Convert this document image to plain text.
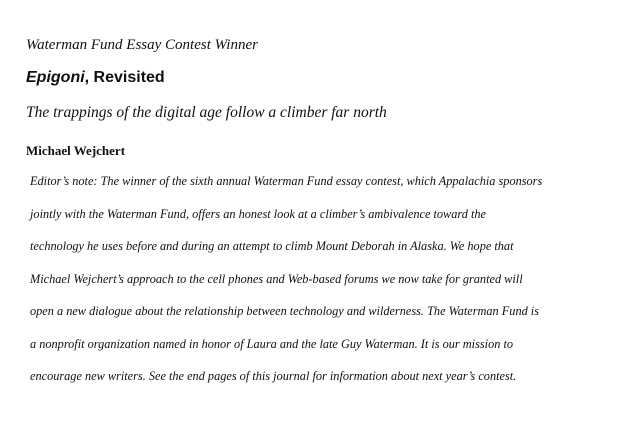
Waterman Fund Essay Contest Winner
Epigoni, Revisited
The trappings of the digital age follow a climber far north
Michael Wejchert
Editor’s note: The winner of the sixth annual Waterman Fund essay contest, which Appalachia sponsors
jointly with the Waterman Fund, offers an honest look at a climber’s ambivalence toward the
technology he uses before and during an attempt to climb Mount Deborah in Alaska. We hope that
Michael Wejchert’s approach to the cell phones and Web-based forums we now take for granted will
open a new dialogue about the relationship between technology and wilderness. The Waterman Fund is
a nonprofit organization named in honor of Laura and the late Guy Waterman. It is our mission to
encourage new writers. See the end pages of this journal for information about next year’s contest.
